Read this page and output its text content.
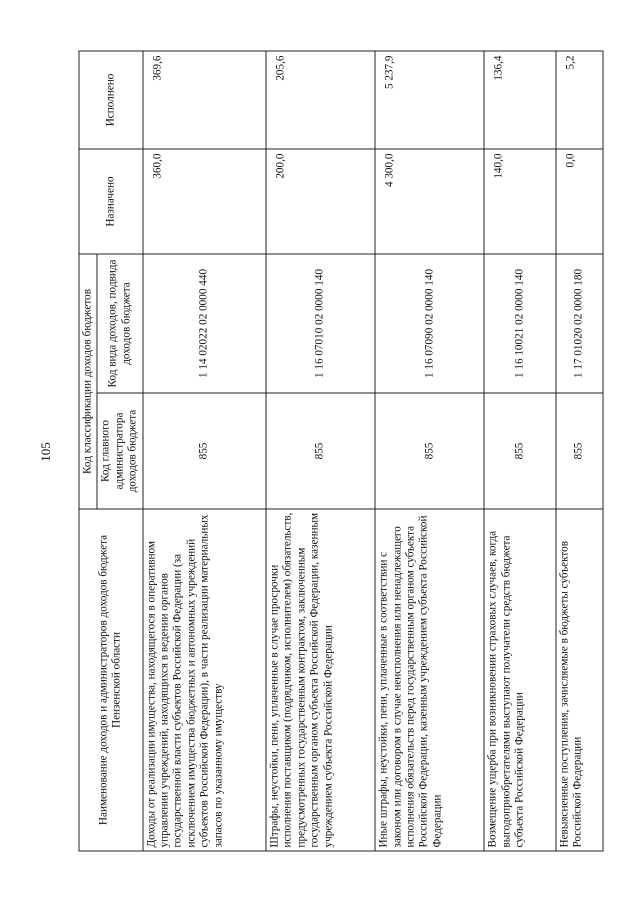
105
Наименование доходов и администраторов доходов бюджета Пензенской области	Код классификации доходов бюджетов		Назначено	Исполнено
	Код главного администратора доходов бюджета	Код вида доходов, подвида доходов бюджета		
Доходы от реализации имущества, находящегося в оперативном управлении учреждений, находящихся в ведении органов государственной власти субъектов Российской Федерации (за исключением имущества бюджетных и автономных учреждений субъектов Российской Федерации), в части реализации материальных запасов по указанному имуществу	855	1 14 02022 02 0000 440	360,0	369,6
Штрафы, неустойки, пени, уплаченные в случае просрочки исполнения поставщиком (подрядчиком, исполнителем) обязательств, предусмотренных государственным контрактом, заключенным государственным органом субъекта Российской Федерации, казенным учреждением субъекта Российской Федерации	855	1 16 07010 02 0000 140	200,0	205,6
Иные штрафы, неустойки, пени, уплаченные в соответствии с законом или договором в случае неисполнения или ненадлежащего исполнения обязательств перед государственным органом субъекта Российской Федерации, казенным учреждением субъекта Российской Федерации	855	1 16 07090 02 0000 140	4 300,0	5 237,9
Возмещение ущерба при возникновении страховых случаев, когда выгодоприобретателями выступают получатели средств бюджета субъекта Российской Федерации	855	1 16 10021 02 0000 140	140,0	136,4
Невыясненные поступления, зачисляемые в бюджеты субъектов Российской Федерации	855	1 17 01020 02 0000 180	0,0	5,2
